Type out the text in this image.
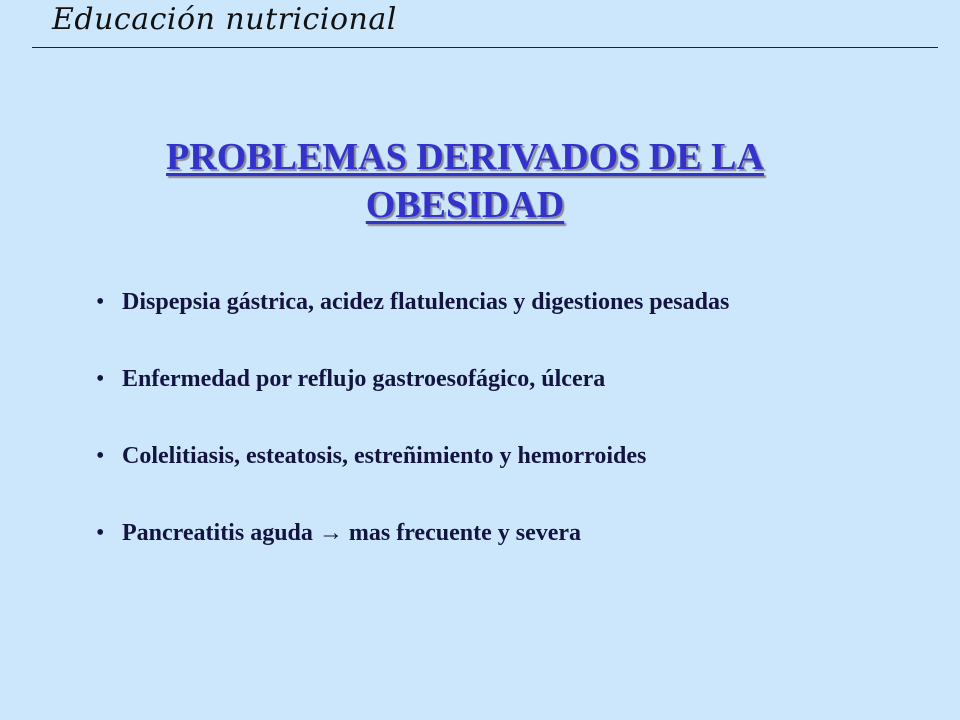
Educación nutricional
PROBLEMAS DERIVADOS DE LA
OBESIDAD
• Dispepsia gástrica, acidez flatulencias y digestiones pesadas
• Enfermedad por reflujo gastroesofágico, úlcera
• Colelitiasis, esteatosis, estreñimiento y hemorroides
• Pancreatitis aguda → mas frecuente y severa
